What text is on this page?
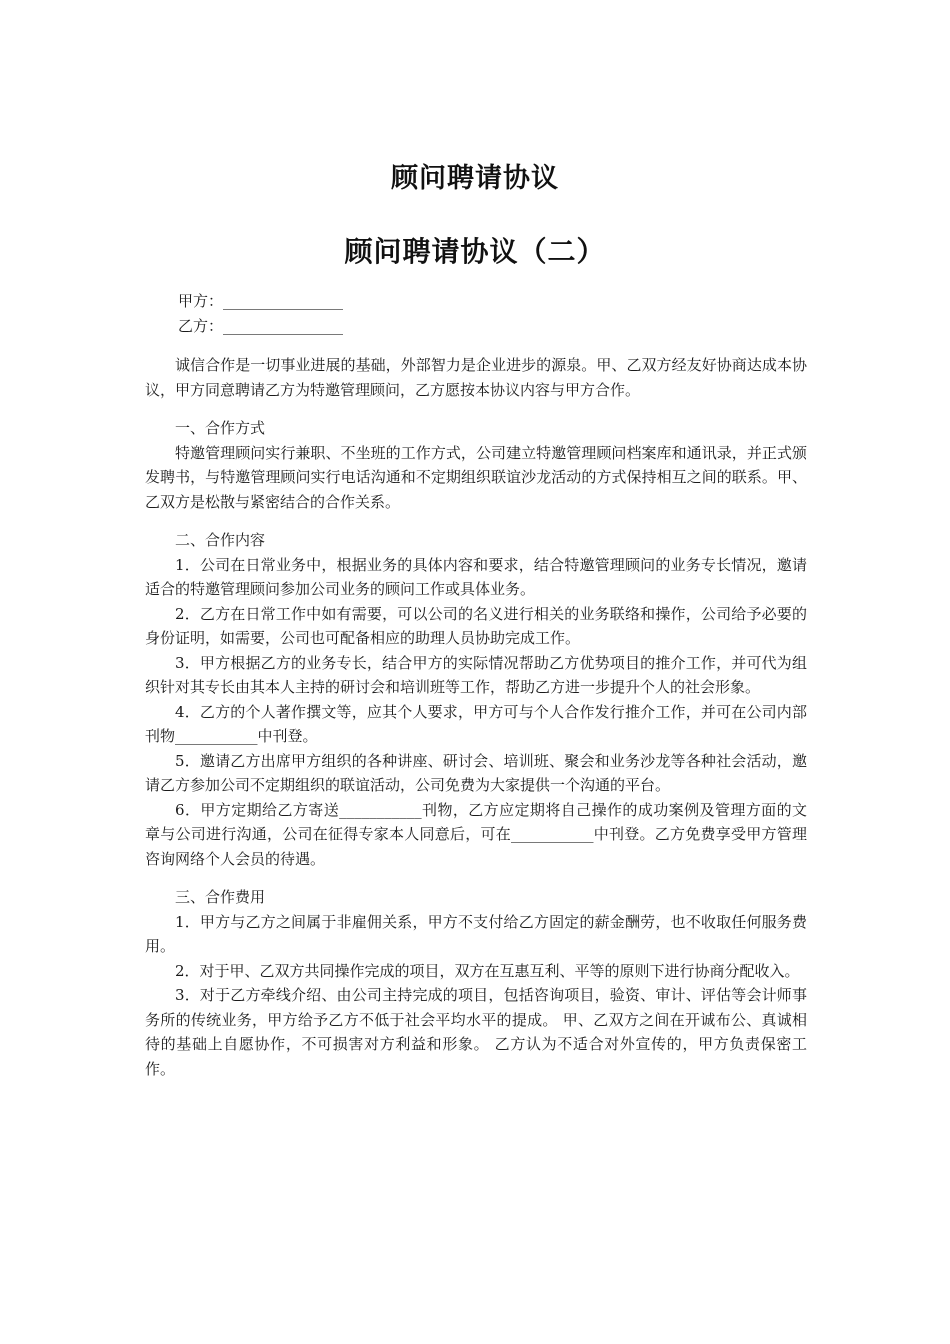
顾问聘请协议
顾问聘请协议（二）
甲方：________________
乙方：________________

诚信合作是一切事业进展的基础，外部智力是企业进步的源泉。甲、乙双方经友好协商达成本协议，甲方同意聘请乙方为特邀管理顾问，乙方愿按本协议内容与甲方合作。

一、合作方式

特邀管理顾问实行兼职、不坐班的工作方式，公司建立特邀管理顾问档案库和通讯录，并正式颁发聘书，与特邀管理顾问实行电话沟通和不定期组织联谊沙龙活动的方式保持相互之间的联系。甲、乙双方是松散与紧密结合的合作关系。

二、合作内容

1．公司在日常业务中，根据业务的具体内容和要求，结合特邀管理顾问的业务专长情况，邀请适合的特邀管理顾问参加公司业务的顾问工作或具体业务。

2．乙方在日常工作中如有需要，可以公司的名义进行相关的业务联络和操作，公司给予必要的身份证明，如需要，公司也可配备相应的助理人员协助完成工作。

3．甲方根据乙方的业务专长，结合甲方的实际情况帮助乙方优势项目的推介工作，并可代为组织针对其专长由其本人主持的研讨会和培训班等工作，帮助乙方进一步提升个人的社会形象。

4．乙方的个人著作撰文等，应其个人要求，甲方可与个人合作发行推介工作，并可在公司内部刊物___________中刊登。

5．邀请乙方出席甲方组织的各种讲座、研讨会、培训班、聚会和业务沙龙等各种社会活动，邀请乙方参加公司不定期组织的联谊活动，公司免费为大家提供一个沟通的平台。

6．甲方定期给乙方寄送___________刊物，乙方应定期将自己操作的成功案例及管理方面的文章与公司进行沟通，公司在征得专家本人同意后，可在___________中刊登。乙方免费享受甲方管理咨询网络个人会员的待遇。

三、合作费用

1．甲方与乙方之间属于非雇佣关系，甲方不支付给乙方固定的薪金酬劳，也不收取任何服务费用。

2．对于甲、乙双方共同操作完成的项目，双方在互惠互利、平等的原则下进行协商分配收入。

3．对于乙方牵线介绍、由公司主持完成的项目，包括咨询项目，验资、审计、评估等会计师事务所的传统业务，甲方给予乙方不低于社会平均水平的提成。 甲、乙双方之间在开诚布公、真诚相待的基础上自愿协作，不可损害对方利益和形象。 乙方认为不适合对外宣传的，甲方负责保密工作。
